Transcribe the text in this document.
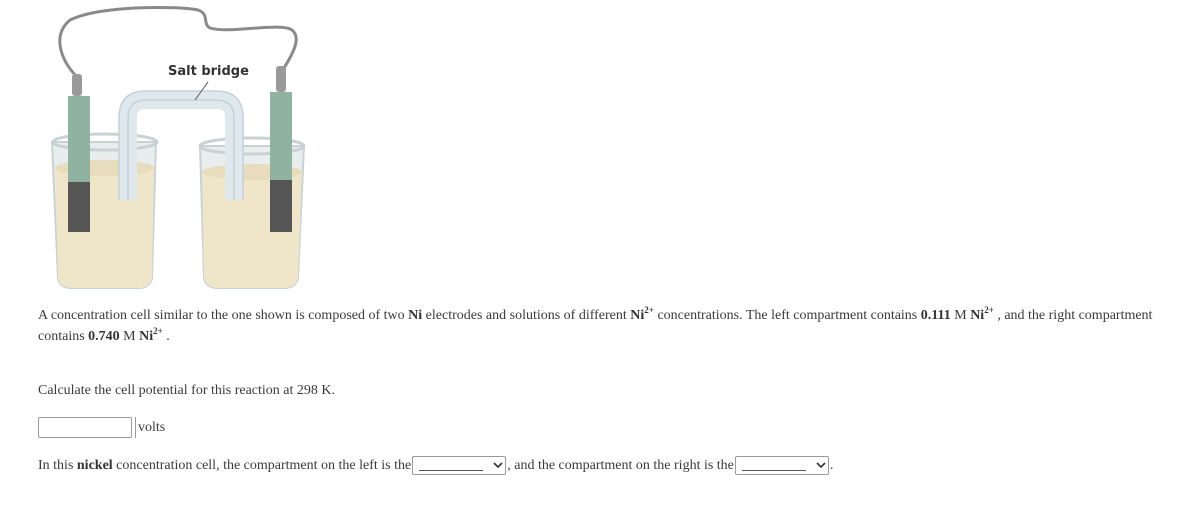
Salt bridge

A concentration cell similar to the one shown is composed of two Ni electrodes and solutions of different $Ni^{2+}$ concentrations. The left compartment contains 0.111 M $Ni^{2+}$ , and the right compartment contains 0.740 M $Ni^{2+}$ .

Calculate the cell potential for this reaction at 298 K.

volts
In this
nickel
concentration cell, the compartment on the left is the	, and the compartment on the right is the	.
